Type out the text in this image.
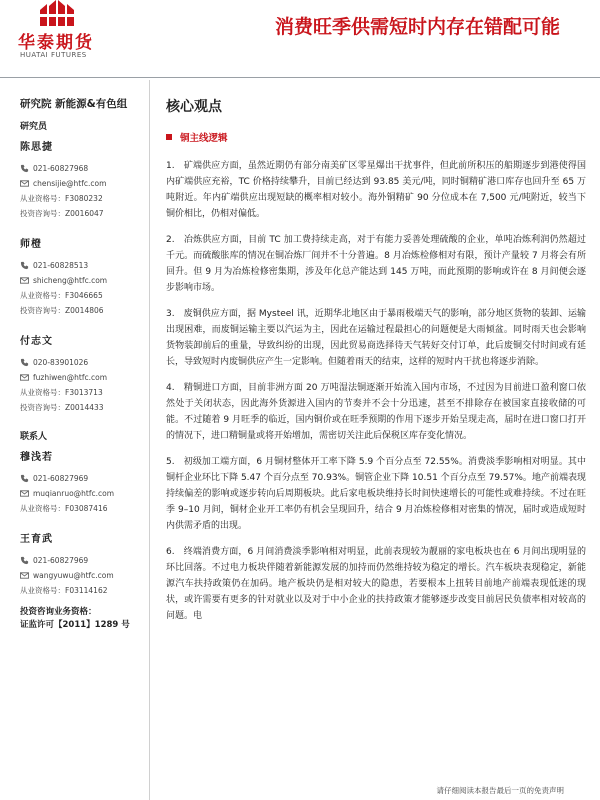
华泰期货
HUATAI FUTURES
消费旺季供需短时内存在错配可能
研究院 新能源&有色组
研究员
陈思捷
021-60827968
chensijie@htfc.com
从业资格号： F3080232
投资咨询号： Z0016047
师橙
021-60828513
shicheng@htfc.com
从业资格号： F3046665
投资咨询号： Z0014806
付志文
020-83901026
fuzhiwen@htfc.com
从业资格号： F3013713
投资咨询号： Z0014433
联系人
穆浅若
021-60827969
muqianruo@htfc.com
从业资格号： F03087416
王育武
021-60827969
wangyuwu@htfc.com
从业资格号： F03114162
投资咨询业务资格：
证监许可【2011】1289 号
核心观点
铜主线逻辑

1.　矿端供应方面，虽然近期仍有部分南美矿区零星爆出干扰事件，但此前所积压的船期逐步到港使得国内矿端供应充裕，TC 价格持续攀升，目前已经达到 93.85 美元/吨，同时铜精矿港口库存也回升至 65 万吨附近。年内矿端供应出现短缺的概率相对较小。海外铜精矿 90 分位成本在 7,500 元/吨附近，较当下铜价相比，仍相对偏低。

2.　冶炼供应方面，目前 TC 加工费持续走高，对于有能力妥善处理硫酸的企业，单吨冶炼利润仍然超过千元。而硫酸胀库的情况在铜冶炼厂间并不十分普遍。8 月冶炼检修相对有限，预计产量较 7 月将会有所回升。但 9 月为冶炼检修密集期，涉及年化总产能达到 145 万吨，而此预期的影响或许在 8 月间便会逐步影响市场。

3.　废铜供应方面，据 Mysteel 讯，近期华北地区由于暴雨极端天气的影响，部分地区货物的装卸、运输出现困难，而废铜运输主要以汽运为主，因此在运输过程最担心的问题便是大雨倾盆。同时雨天也会影响货物装卸前后的重量，导致纠纷的出现，因此贸易商选择待天气转好交付订单，此后废铜交付时间或有延长，导致短时内废铜供应产生一定影响。但随着雨天的结束，这样的短时内干扰也将逐步消除。

4.　精铜进口方面，目前非洲方面 20 万吨湿法铜逐渐开始流入国内市场，不过因为目前进口盈利窗口依然处于关闭状态，因此海外货源进入国内的节奏并不会十分迅速，甚至不排除存在被国家直接收储的可能。不过随着 9 月旺季的临近，国内铜价或在旺季预期的作用下逐步开始呈现走高，届时在进口窗口打开的情况下，进口精铜量或将开始增加，需密切关注此后保税区库存变化情况。

5.　初级加工端方面，6 月铜材整体开工率下降 5.9 个百分点至 72.55%。消费淡季影响相对明显。其中铜杆企业环比下降 5.47 个百分点至 70.93%。铜管企业下降 10.51 个百分点至 79.57%。地产前端表现持续偏差的影响或逐步转向后周期板块。此后家电板块维持长时间快速增长的可能性或难持续。不过在旺季 9–10 月间，铜材企业开工率仍有机会呈现回升，结合 9 月冶炼检修相对密集的情况，届时或造成短时内供需矛盾的出现。

6.　终端消费方面，6 月间消费淡季影响相对明显，此前表现较为靓丽的家电板块也在 6 月间出现明显的环比回落。不过电力板块伴随着新能源发展的加持而仍然维持较为稳定的增长。汽车板块表现稳定，新能源汽车扶持政策仍在加码。地产板块仍是相对较大的隐患，若要根本上扭转目前地产前端表现低迷的现状，或许需要有更多的针对就业以及对于中小企业的扶持政策才能够逐步改变目前居民负债率相对较高的问题。电

请仔细阅读本报告最后一页的免责声明
